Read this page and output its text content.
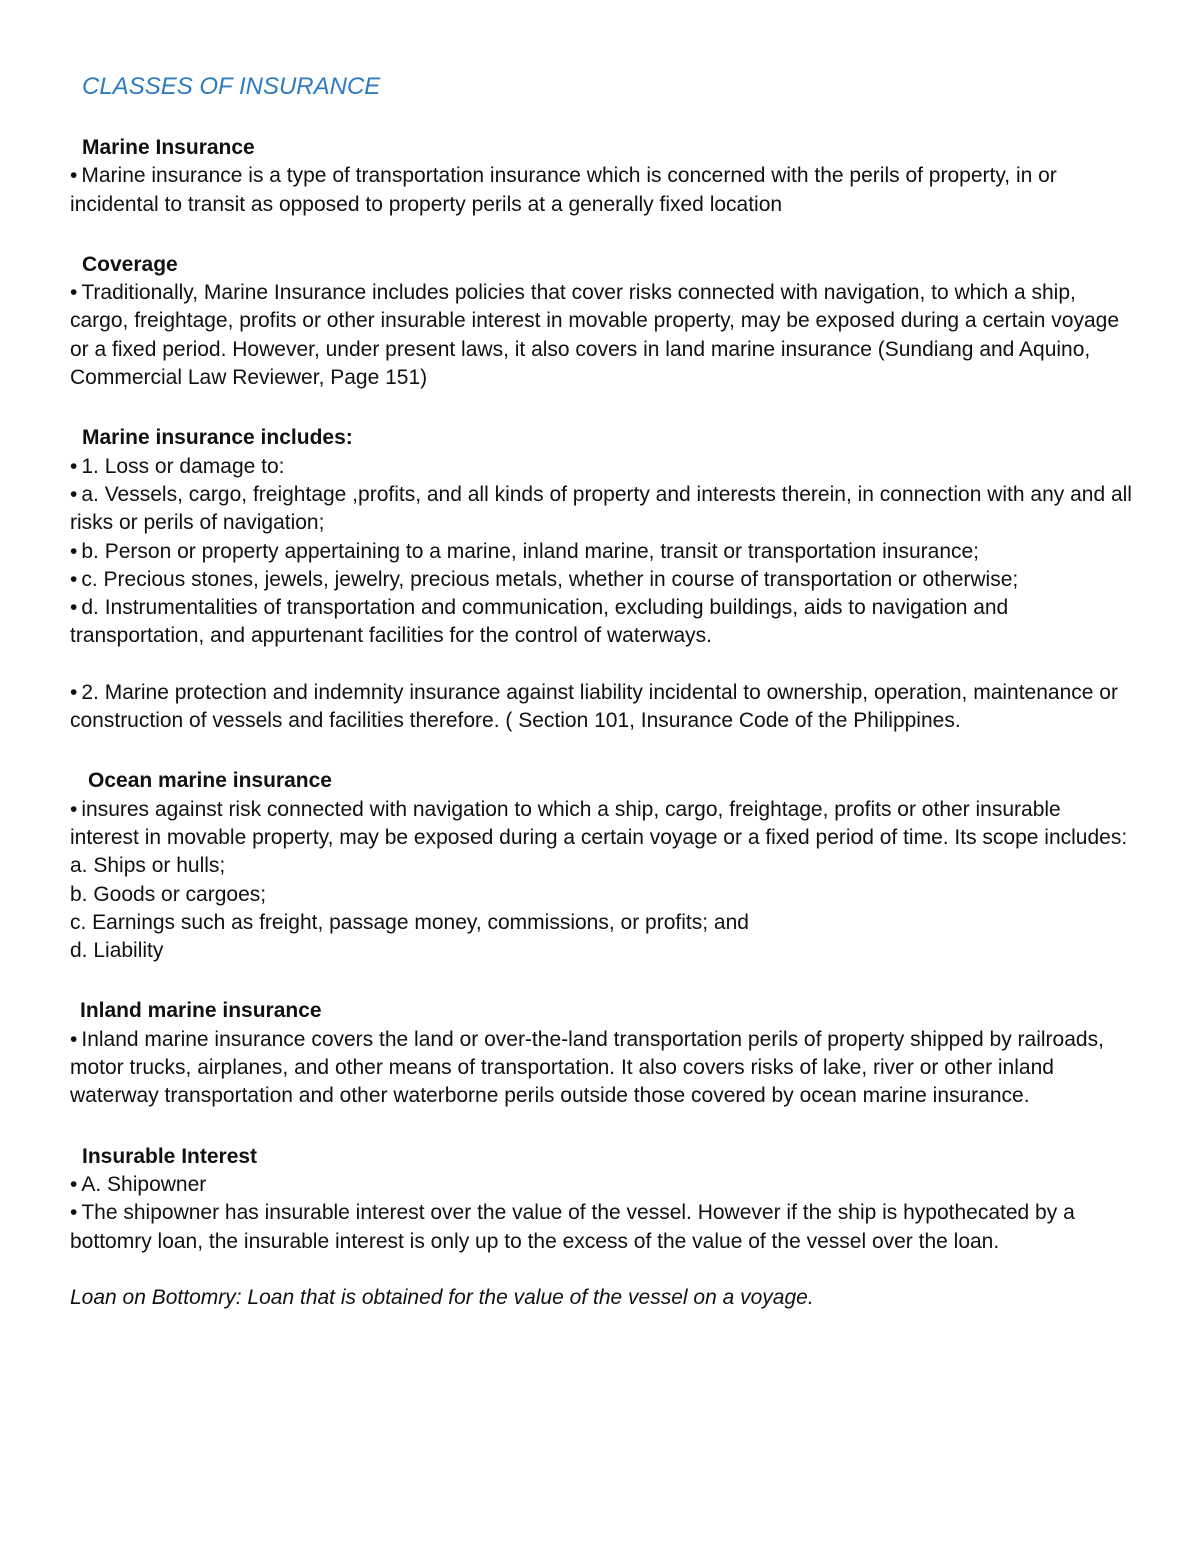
CLASSES OF INSURANCE

Marine Insurance

• Marine insurance is a type of transportation insurance which is concerned with the perils of property, in or incidental to transit as opposed to property perils at a generally fixed location

Coverage

• Traditionally, Marine Insurance includes policies that cover risks connected with navigation, to which a ship, cargo, freightage, profits or other insurable interest in movable property, may be exposed during a certain voyage or a fixed period. However, under present laws, it also covers in land marine insurance (Sundiang and Aquino, Commercial Law Reviewer, Page 151)

Marine insurance includes:

• 1. Loss or damage to:

• a. Vessels, cargo, freightage ,profits, and all kinds of property and interests therein, in connection with any and all risks or perils of navigation;

• b. Person or property appertaining to a marine, inland marine, transit or transportation insurance;

• c. Precious stones, jewels, jewelry, precious metals, whether in course of transportation or otherwise;

• d. Instrumentalities of transportation and communication, excluding buildings, aids to navigation and transportation, and appurtenant facilities for the control of waterways.

• 2. Marine protection and indemnity insurance against liability incidental to ownership, operation, maintenance or construction of vessels and facilities therefore. ( Section 101, Insurance Code of the Philippines.

Ocean marine insurance

• insures against risk connected with navigation to which a ship, cargo, freightage, profits or other insurable interest in movable property, may be exposed during a certain voyage or a fixed period of time. Its scope includes:

a. Ships or hulls;

b. Goods or cargoes;

c. Earnings such as freight, passage money, commissions, or profits; and

d. Liability

Inland marine insurance

• Inland marine insurance covers the land or over-the-land transportation perils of property shipped by railroads, motor trucks, airplanes, and other means of transportation. It also covers risks of lake, river or other inland waterway transportation and other waterborne perils outside those covered by ocean marine insurance.

Insurable Interest

• A. Shipowner

• The shipowner has insurable interest over the value of the vessel. However if the ship is hypothecated by a bottomry loan, the insurable interest is only up to the excess of the value of the vessel over the loan.

Loan on Bottomry: Loan that is obtained for the value of the vessel on a voyage.
